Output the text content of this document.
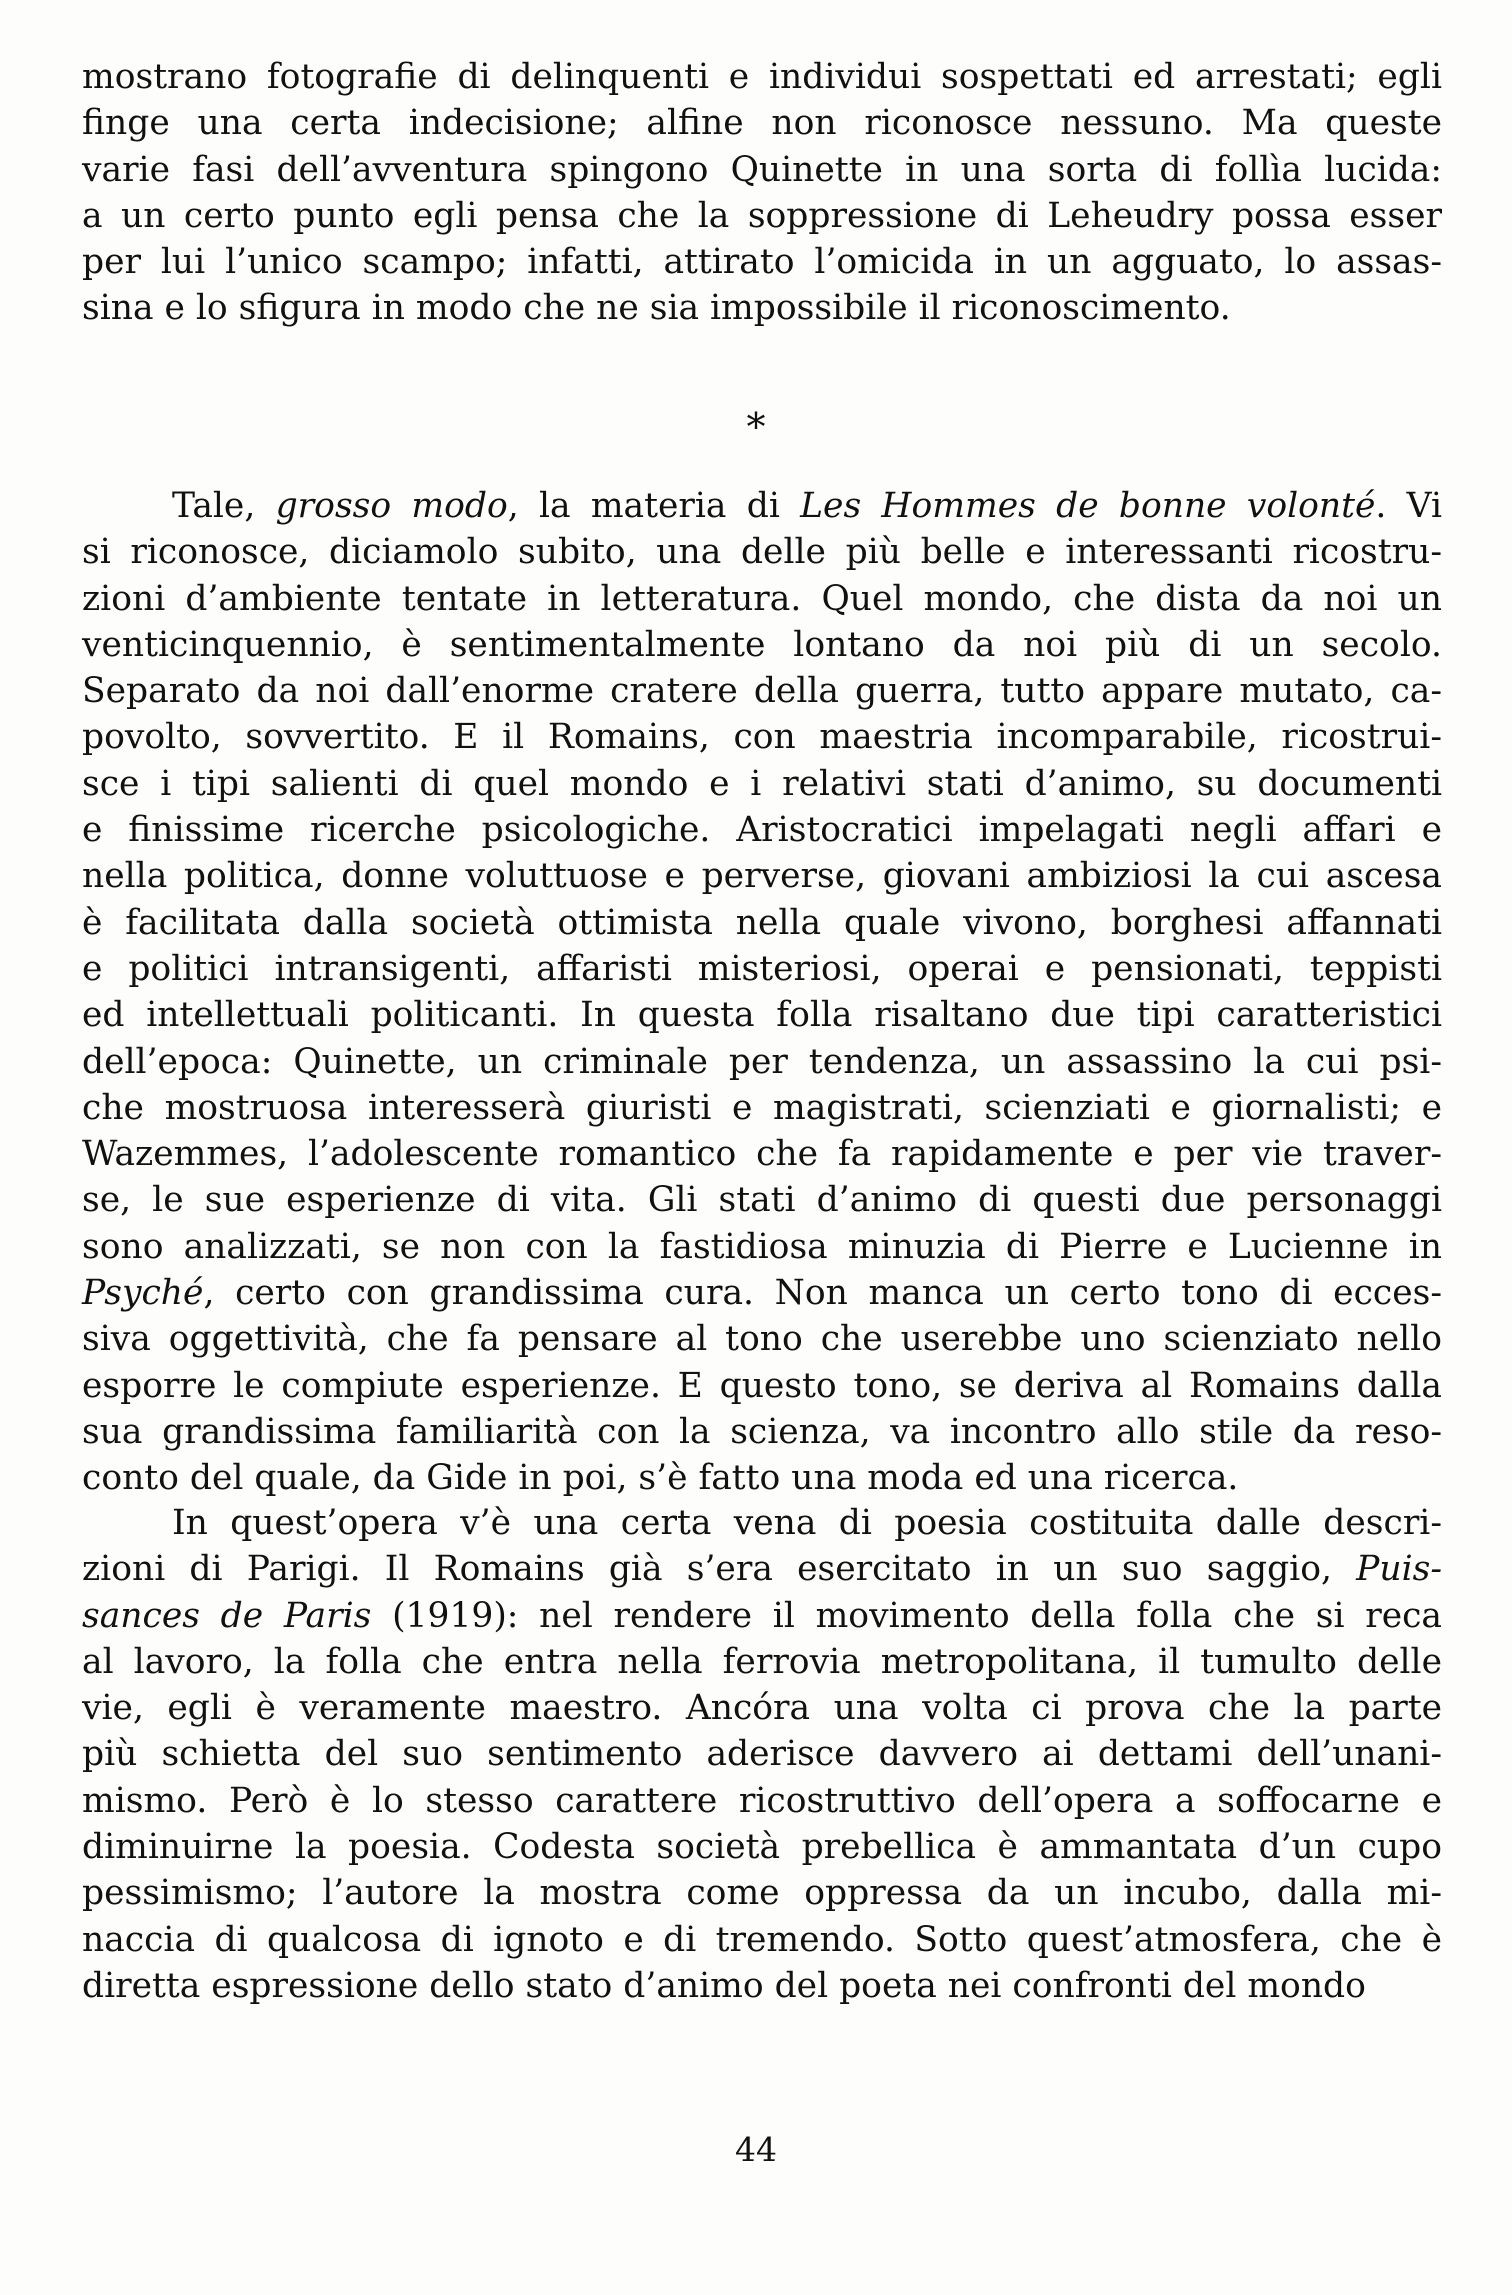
mostrano fotografie di delinquenti e individui sospettati ed arrestati; egli
finge una certa indecisione; alfine non riconosce nessuno. Ma queste
varie fasi dell’avventura spingono Quinette in una sorta di follìa lucida:
a un certo punto egli pensa che la soppressione di Leheudry possa esser
per lui l’unico scampo; infatti, attirato l’omicida in un agguato, lo assas-
sina e lo sfigura in modo che ne sia impossibile il riconoscimento.
*
Tale, grosso modo, la materia di Les Hommes de bonne volonté. Vi
si riconosce, diciamolo subito, una delle più belle e interessanti ricostru-
zioni d’ambiente tentate in letteratura. Quel mondo, che dista da noi un
venticinquennio, è sentimentalmente lontano da noi più di un secolo.
Separato da noi dall’enorme cratere della guerra, tutto appare mutato, ca-
povolto, sovvertito. E il Romains, con maestria incomparabile, ricostrui-
sce i tipi salienti di quel mondo e i relativi stati d’animo, su documenti
e finissime ricerche psicologiche. Aristocratici impelagati negli affari e
nella politica, donne voluttuose e perverse, giovani ambiziosi la cui ascesa
è facilitata dalla società ottimista nella quale vivono, borghesi affannati
e politici intransigenti, affaristi misteriosi, operai e pensionati, teppisti
ed intellettuali politicanti. In questa folla risaltano due tipi caratteristici
dell’epoca: Quinette, un criminale per tendenza, un assassino la cui psi-
che mostruosa interesserà giuristi e magistrati, scienziati e giornalisti; e
Wazemmes, l’adolescente romantico che fa rapidamente e per vie traver-
se, le sue esperienze di vita. Gli stati d’animo di questi due personaggi
sono analizzati, se non con la fastidiosa minuzia di Pierre e Lucienne in
Psyché, certo con grandissima cura. Non manca un certo tono di ecces-
siva oggettività, che fa pensare al tono che userebbe uno scienziato nello
esporre le compiute esperienze. E questo tono, se deriva al Romains dalla
sua grandissima familiarità con la scienza, va incontro allo stile da reso-
conto del quale, da Gide in poi, s’è fatto una moda ed una ricerca.
In quest’opera v’è una certa vena di poesia costituita dalle descri-
zioni di Parigi. Il Romains già s’era esercitato in un suo saggio, Puis-
sances de Paris (1919): nel rendere il movimento della folla che si reca
al lavoro, la folla che entra nella ferrovia metropolitana, il tumulto delle
vie, egli è veramente maestro. Ancóra una volta ci prova che la parte
più schietta del suo sentimento aderisce davvero ai dettami dell’unani-
mismo. Però è lo stesso carattere ricostruttivo dell’opera a soffocarne e
diminuirne la poesia. Codesta società prebellica è ammantata d’un cupo
pessimismo; l’autore la mostra come oppressa da un incubo, dalla mi-
naccia di qualcosa di ignoto e di tremendo. Sotto quest’atmosfera, che è
diretta espressione dello stato d’animo del poeta nei confronti del mondo
44
